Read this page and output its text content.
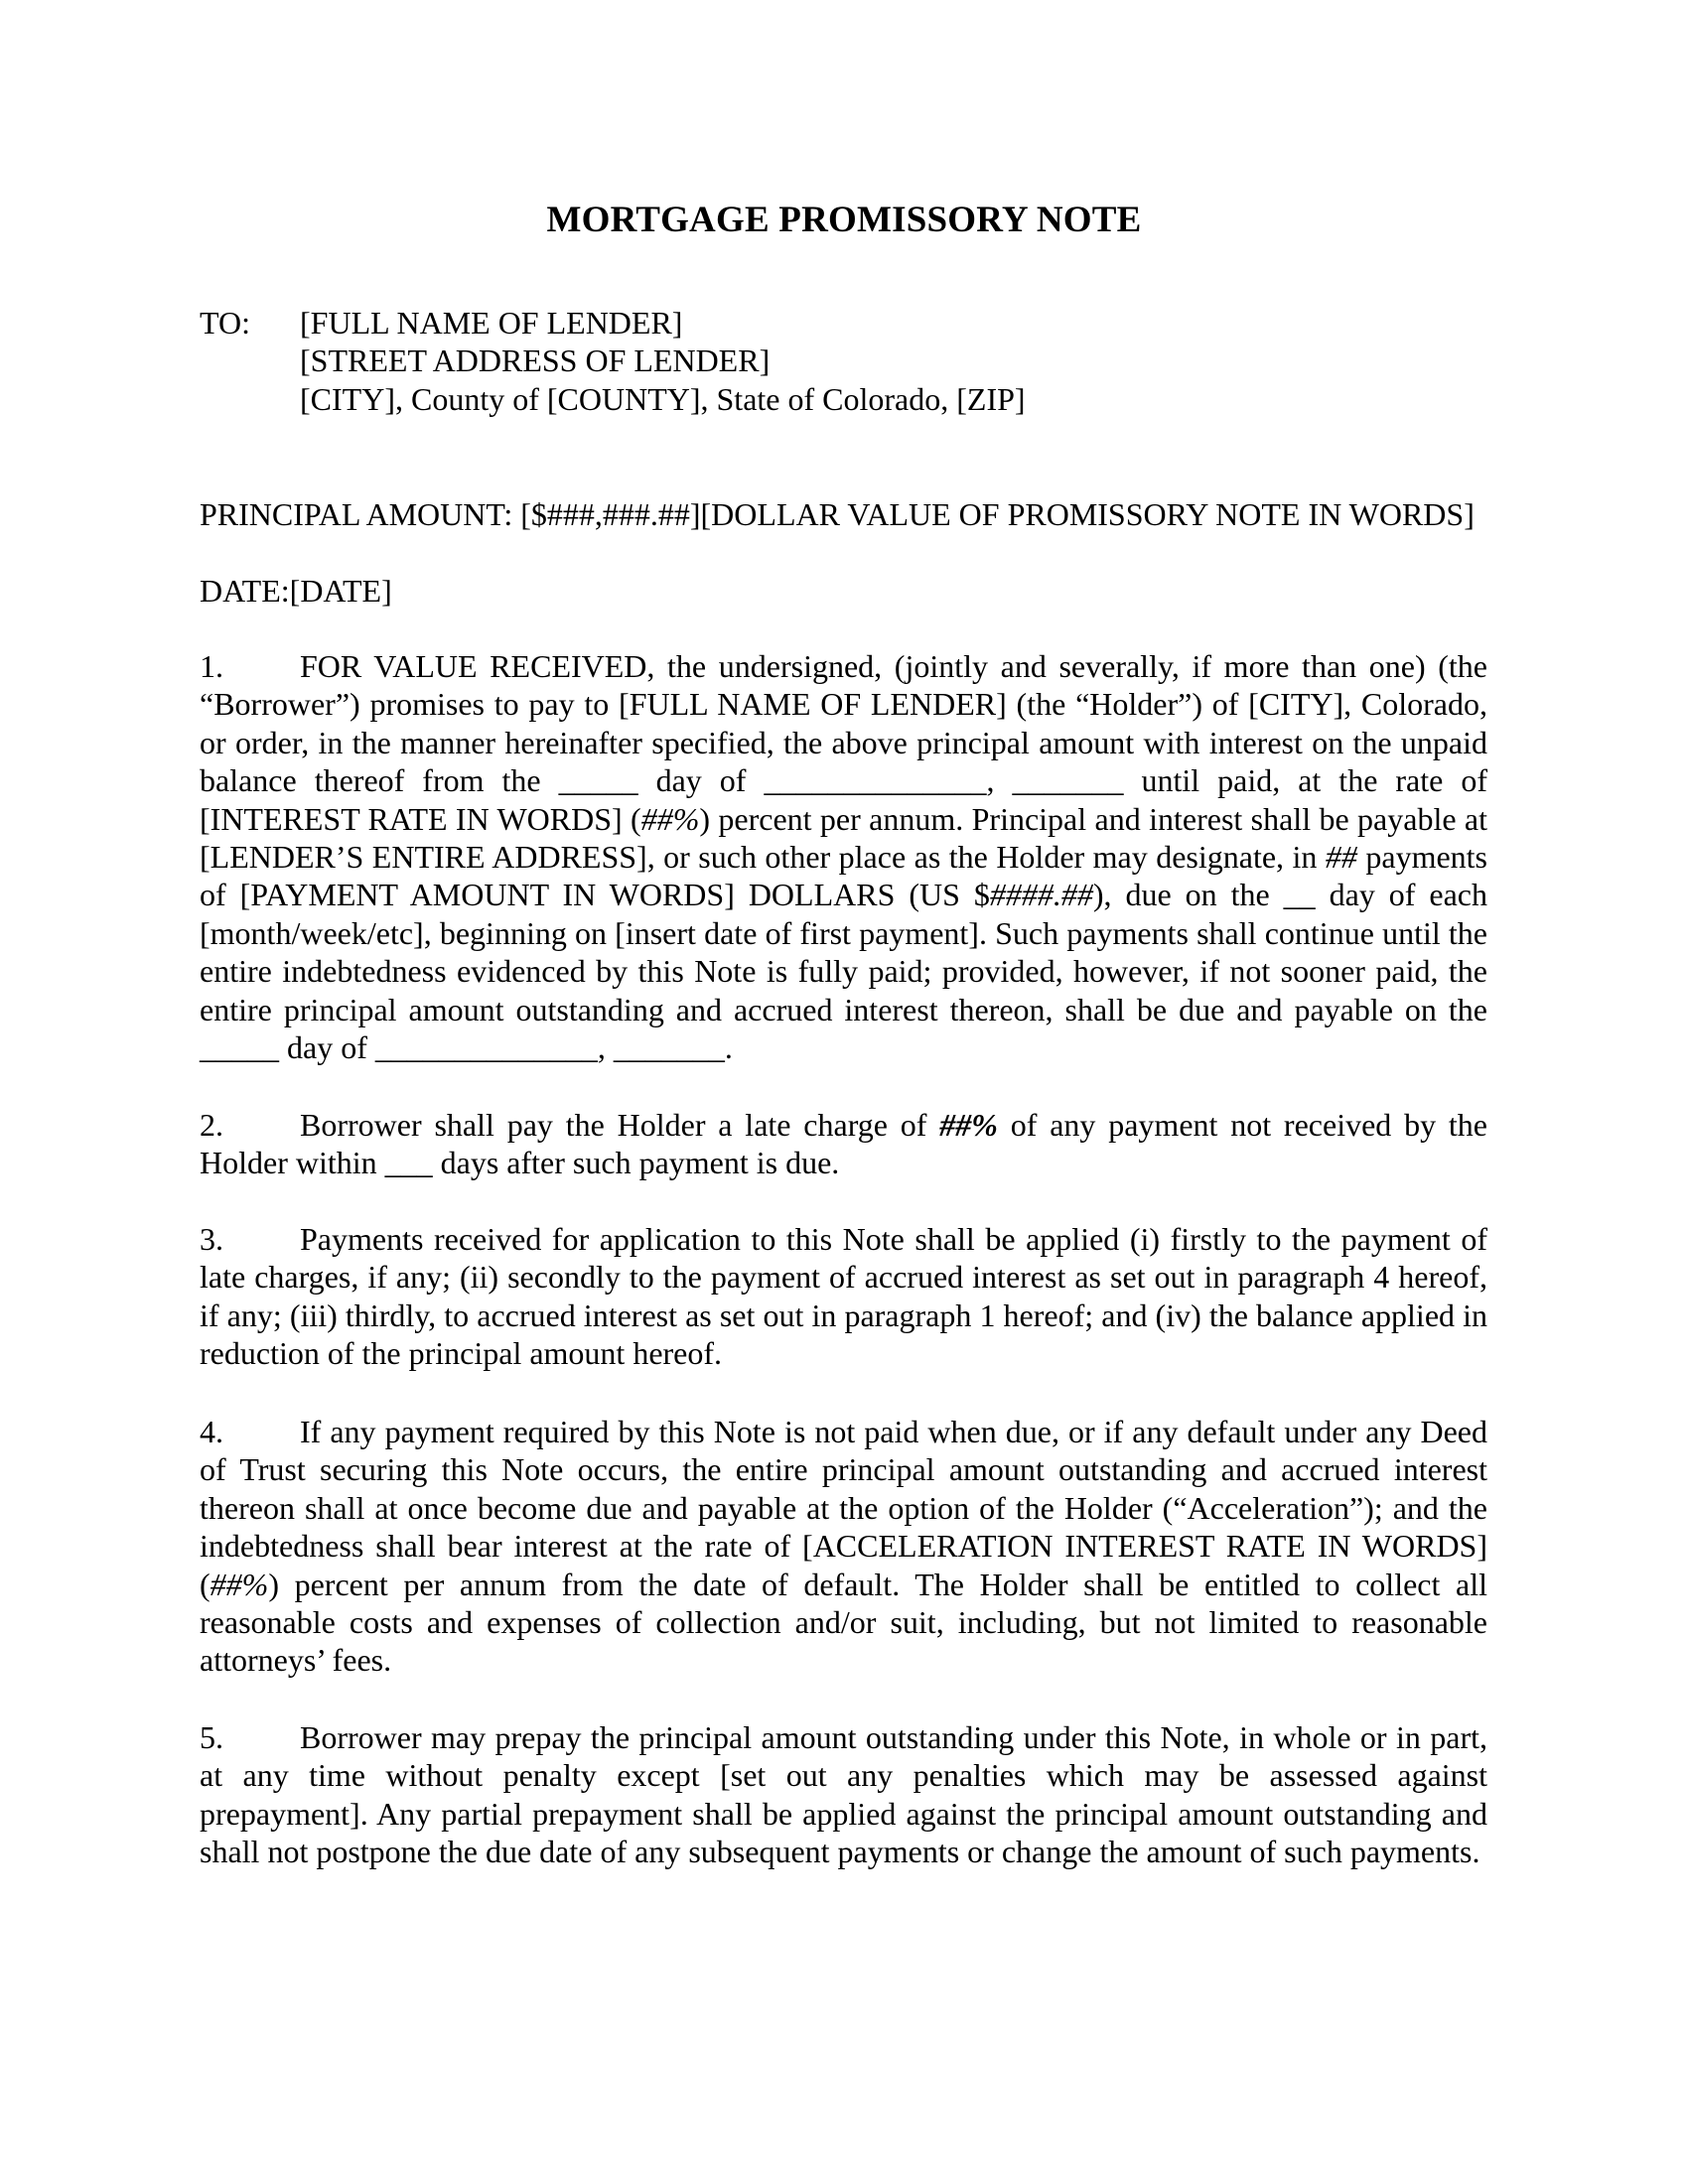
MORTGAGE PROMISSORY NOTE
TO: [FULL NAME OF LENDER]
[STREET ADDRESS OF LENDER]
[CITY], County of [COUNTY], State of Colorado, [ZIP]
PRINCIPAL AMOUNT: [$###,###.##][DOLLAR VALUE OF PROMISSORY NOTE IN WORDS]
DATE:[DATE]
1. FOR VALUE RECEIVED, the undersigned, (jointly and severally, if more than one) (the “Borrower”) promises to pay to [FULL NAME OF LENDER] (the “Holder”) of [CITY], Colorado, or order, in the manner hereinafter specified, the above principal amount with interest on the unpaid balance thereof from the _____ day of ______________, _______ until paid, at the rate of [INTEREST RATE IN WORDS] (##%) percent per annum. Principal and interest shall be payable at [LENDER’S ENTIRE ADDRESS], or such other place as the Holder may designate, in ## payments of [PAYMENT AMOUNT IN WORDS] DOLLARS (US $####.##), due on the __ day of each [month/week/etc], beginning on [insert date of first payment]. Such payments shall continue until the entire indebtedness evidenced by this Note is fully paid; provided, however, if not sooner paid, the entire principal amount outstanding and accrued interest thereon, shall be due and payable on the _____ day of ______________, _______.
2. Borrower shall pay the Holder a late charge of ##% of any payment not received by the Holder within ___ days after such payment is due.
3. Payments received for application to this Note shall be applied (i) firstly to the payment of late charges, if any; (ii) secondly to the payment of accrued interest as set out in paragraph 4 hereof, if any; (iii) thirdly, to accrued interest as set out in paragraph 1 hereof; and (iv) the balance applied in reduction of the principal amount hereof.
4. If any payment required by this Note is not paid when due, or if any default under any Deed of Trust securing this Note occurs, the entire principal amount outstanding and accrued interest thereon shall at once become due and payable at the option of the Holder (“Acceleration”); and the indebtedness shall bear interest at the rate of [ACCELERATION INTEREST RATE IN WORDS] (##%) percent per annum from the date of default. The Holder shall be entitled to collect all reasonable costs and expenses of collection and/or suit, including, but not limited to reasonable attorneys’ fees.
5. Borrower may prepay the principal amount outstanding under this Note, in whole or in part, at any time without penalty except [set out any penalties which may be assessed against prepayment]. Any partial prepayment shall be applied against the principal amount outstanding and shall not postpone the due date of any subsequent payments or change the amount of such payments.
